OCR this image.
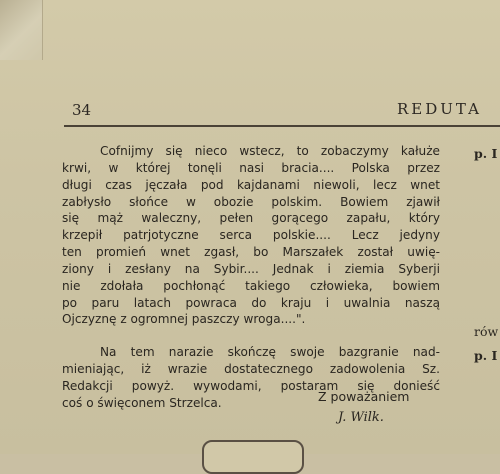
34	REDUTA
Cofnijmy się nieco wstecz, to zobaczymy kałuże
krwi, w której tonęli nasi bracia.... Polska przez
długi czas jęczała pod kajdanami niewoli, lecz wnet
zabłysło słońce w obozie polskim. Bowiem zjawił
się mąż waleczny, pełen gorącego zapału, który
krzepił patrjotyczne serca polskie.... Lecz jedyny
ten promień wnet zgasł, bo Marszałek został uwię-
ziony i zesłany na Sybir.... Jednak i ziemia Syberji
nie zdołała pochłonąć takiego człowieka, bowiem
po paru latach powraca do kraju i uwalnia naszą
Ojczyznę z ogromnej paszczy wroga....".
Na tem narazie skończę swoje bazgranie nad-
mieniając, iż wrazie dostatecznego zadowolenia Sz.
Redakcji powyż. wywodami, postaram się donieść
coś o święconem Strzelca.	Z poważaniem
J. Wilk.
p. I
rów
p. I
